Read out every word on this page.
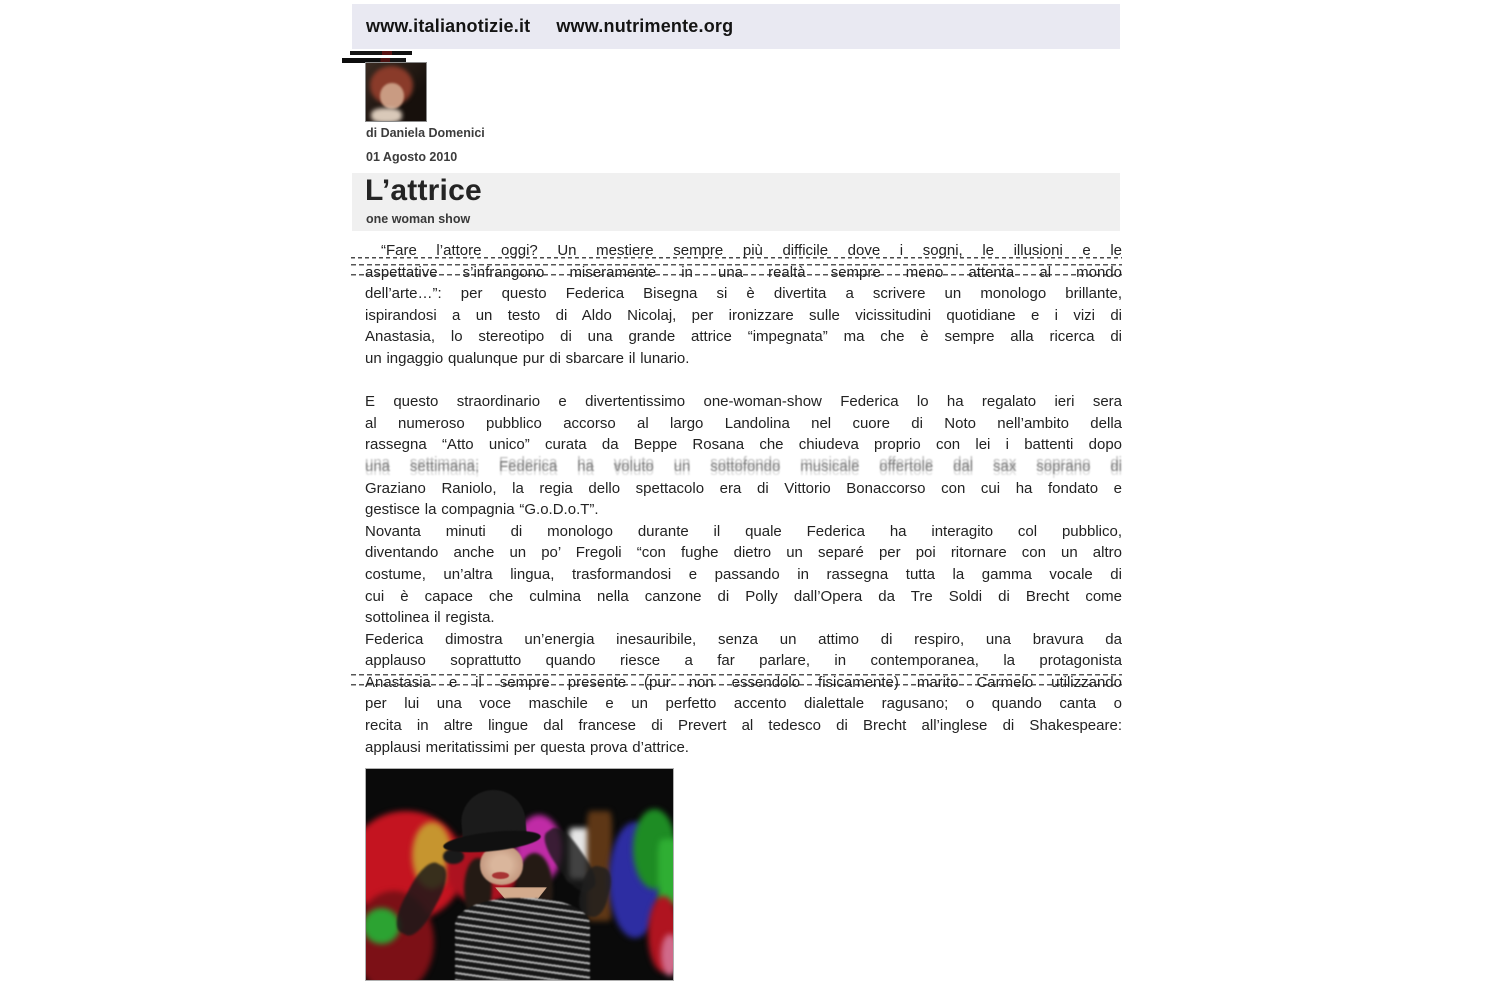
www.italianotizie.it www.nutrimente.org
di Daniela Domenici
01 Agosto 2010
L’attrice
one woman show
“Fare l’attore oggi? Un mestiere sempre più difficile dove i sogni, le illusioni e le
aspettative s’infrangono miseramente in una realtà sempre meno attenta al mondo
dell’arte…”: per questo Federica Bisegna si è divertita a scrivere un monologo brillante,
ispirandosi a un testo di Aldo Nicolaj, per ironizzare sulle vicissitudini quotidiane e i vizi di
Anastasia, lo stereotipo di una grande attrice “impegnata” ma che è sempre alla ricerca di
un ingaggio qualunque pur di sbarcare il lunario.
E questo straordinario e divertentissimo one-woman-show Federica lo ha regalato ieri sera
al numeroso pubblico accorso al largo Landolina nel cuore di Noto nell’ambito della
rassegna “Atto unico” curata da Beppe Rosana che chiudeva proprio con lei i battenti dopo
una settimana; Federica ha voluto un sottofondo musicale offertole dal sax soprano di
Graziano Raniolo, la regia dello spettacolo era di Vittorio Bonaccorso con cui ha fondato e
gestisce la compagnia “G.o.D.o.T”.
Novanta minuti di monologo durante il quale Federica ha interagito col pubblico,
diventando anche un po’ Fregoli “con fughe dietro un separé per poi ritornare con un altro
costume, un’altra lingua, trasformandosi e passando in rassegna tutta la gamma vocale di
cui è capace che culmina nella canzone di Polly dall’Opera da Tre Soldi di Brecht come
sottolinea il regista.
Federica dimostra un’energia inesauribile, senza un attimo di respiro, una bravura da
applauso soprattutto quando riesce a far parlare, in contemporanea, la protagonista
Anastasia e il sempre presente (pur non essendolo fisicamente) marito Carmelo utilizzando
per lui una voce maschile e un perfetto accento dialettale ragusano; o quando canta o
recita in altre lingue dal francese di Prevert al tedesco di Brecht all’inglese di Shakespeare:
applausi meritatissimi per questa prova d’attrice.
